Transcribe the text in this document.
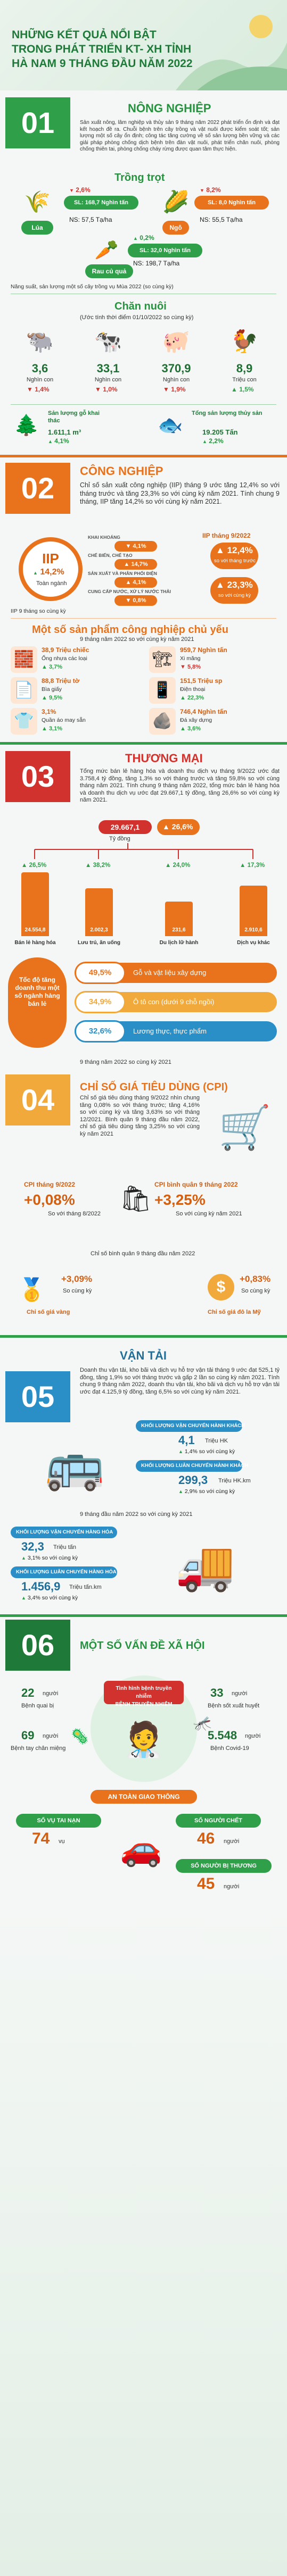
NHỮNG KẾT QUẢ NỔI BẬT TRONG PHÁT TRIỂN KT- XH TỈNH HÀ NAM 9 THÁNG ĐẦU NĂM 2022
01	NÔNG NGHIỆP
Sản xuất nông, lâm nghiệp và thủy sản 9 tháng năm 2022 phát triển ổn định và đạt kết hoạch đề ra. Chuỗi bệnh trên cây trồng và vật nuôi được kiểm soát tốt; sản lượng một số cây ổn định; công tác tăng cường về số sản lượng bền vững và các giải pháp phòng chống dịch bệnh trên đàn vật nuôi, phát triển chăn nuôi, phòng chống thiên tai, phòng chống cháy rừng được quan tâm thực hiện.
Trồng trọt
🌾
Lúa
▼ 2,6%
SL: 168,7 Nghìn tấn
NS: 57,5 Tạ/ha
🌽
Ngô
▼ 8,2%
SL: 8,0 Nghìn tấn
NS: 55,5 Tạ/ha
🥕
Rau củ quả
▲ 0,2%
SL: 32,0 Nghìn tấn
NS: 198,7 Tạ/ha
Năng suất, sản lượng một số cây trồng vụ Mùa 2022 (so cùng kỳ)
Chăn nuôi
(Ước tính thời điểm 01/10/2022 so cùng kỳ)
🌲
Sản lượng gỗ khai thác
1.611,1 m³
▲ 4,1%
🐟
Tổng sản lượng thủy sản
19.205 Tấn
▲ 2,2%
02
CÔNG NGHIỆP
Chỉ số sản xuất công nghiệp (IIP) tháng 9 ước tăng 12,4% so với tháng trước và tăng 23,3% so với cùng kỳ năm 2021. Tính chung 9 tháng, IIP tăng 14,2% so với cùng kỳ năm 2021.
IIP
▲ 14,2%
Toàn ngành
IIP tháng 9/2022
▲ 12,4%
so với tháng trước
▲ 23,3%
so với cùng kỳ
IIP 9 tháng so cùng kỳ
Một số sản phẩm công nghiệp chủ yếu
9 tháng năm 2022 so với cùng kỳ năm 2021
03
THƯƠNG MẠI
Tổng mức bán lẻ hàng hóa và doanh thu dịch vụ tháng 9/2022 ước đạt 3.758,4 tỷ đồng, tăng 1,3% so với tháng trước và tăng 59,8% so với cùng tháng năm 2021. Tính chung 9 tháng năm 2022, tổng mức bán lẻ hàng hóa và doanh thu dịch vụ ước đạt 29.667,1 tỷ đồng, tăng 26,6% so với cùng kỳ năm 2021.
29.667,1
Tỷ đồng
▲ 26,6%
Tốc độ tăng doanh thu một số ngành hàng bán lẻ
9 tháng năm 2022 so cùng kỳ 2021
04	CHỈ SỐ GIÁ TIÊU DÙNG (CPI)
Chỉ số giá tiêu dùng tháng 9/2022 nhìn chung tăng 0,08% so với tháng trước; tăng 4,16% so với cùng kỳ và tăng 3,63% so với tháng 12/2021. Bình quân 9 tháng đầu năm 2022, chỉ số giá tiêu dùng tăng 3,25% so với cùng kỳ năm 2021	🛒
CPI tháng 9/2022
+0,08%
So với tháng 8/2022
CPI bình quân 9 tháng 2022
+3,25%
So với cùng kỳ năm 2021
🛍
Chỉ số bình quân 9 tháng đầu năm 2022
🥇	+3,09%
So cùng kỳ
Chỉ số giá vàng
$	+0,83%
So cùng kỳ
Chỉ số giá đô la Mỹ
05
VẬN TẢI
Doanh thu vận tải, kho bãi và dịch vụ hỗ trợ vận tải tháng 9 ước đạt 525,1 tỷ đồng, tăng 1,9% so với tháng trước và gấp 2 lần so cùng kỳ năm 2021. Tính chung 9 tháng năm 2022, doanh thu vận tải, kho bãi và dịch vụ hỗ trợ vận tải ước đạt 4.125,9 tỷ đồng, tăng 6,5% so với cùng kỳ năm 2021.
🚌
KHỐI LƯỢNG VẬN CHUYỂN HÀNH KHÁCH
4,1 Triệu HK
▲ 1,4% so với cùng kỳ
KHỐI LƯỢNG LUÂN CHUYỂN HÀNH KHÁCH
299,3 Triệu HK.km
▲ 2,9% so với cùng kỳ
9 tháng đầu năm 2022 so với cùng kỳ 2021
KHỐI LƯỢNG VẬN CHUYỂN HÀNG HÓA
32,3 Triệu tấn
▲ 3,1% so với cùng kỳ
KHỐI LƯỢNG LUÂN CHUYỂN HÀNG HÓA
1.456,9 Triệu tấn.km
▲ 3,4% so với cùng kỳ
🚚
06	MỘT SỐ VẤN ĐỀ XÃ HỘI
Tình hình bệnh truyền nhiễm
BỆNH TRUYỀN NHIỄM
🧑‍⚕️
22 người
Bệnh quai bị
69 người
Bệnh tay chân miệng
33 người
Bệnh sốt xuất huyết
5.548 người
Bệnh Covid-19
🦠
🦟
AN TOÀN GIAO THÔNG
SỐ VỤ TAI NẠN
74 vụ
SỐ NGƯỜI CHẾT
46 người
🚗	SỐ NGƯỜI BỊ THƯƠNG
45 người
🐃
3,6
Nghìn con
▼ 1,4%
🐄
33,1
Nghìn con
▼ 1,0%
🐖
370,9
Nghìn con
▼ 1,9%
🐓
8,9
Triệu con
▲ 1,5%
KHAI KHOÁNG
▼ 4,1%
CHẾ BIẾN, CHẾ TẠO
▲ 14,7%
SẢN XUẤT VÀ PHÂN PHỐI ĐIỆN
▲ 4,1%
CUNG CẤP NƯỚC, XỬ LÝ NƯỚC THẢI
▼ 0,8%
🧱
38,9 Triệu chiếc
Ống nhựa các loại
▲ 3,7%
📄
88,8 Triệu tờ
Bìa giấy
▲ 9,5%
👕
3,1%
Quần áo may sẵn
▲ 3,1%
🏗
959,7 Nghìn tấn
Xi măng
▼ 5,8%
📱
151,5 Triệu sp
Điện thoại
▲ 22,3%
🪨
746,4 Nghìn tấn
Đá xây dựng
▲ 3,6%
▲ 26,5%
24.554,8
Bán lẻ hàng hóa
▲ 38,2%
2.002,3
Lưu trú, ăn uống
▲ 24,0%
231,6
Du lịch lữ hành
▲ 17,3%
2.910,6
Dịch vụ khác
Gỗ và vật liệu xây dựng
49,5%
Ô tô con (dưới 9 chỗ ngồi)
34,9%
Lương thực, thực phẩm
32,6%
